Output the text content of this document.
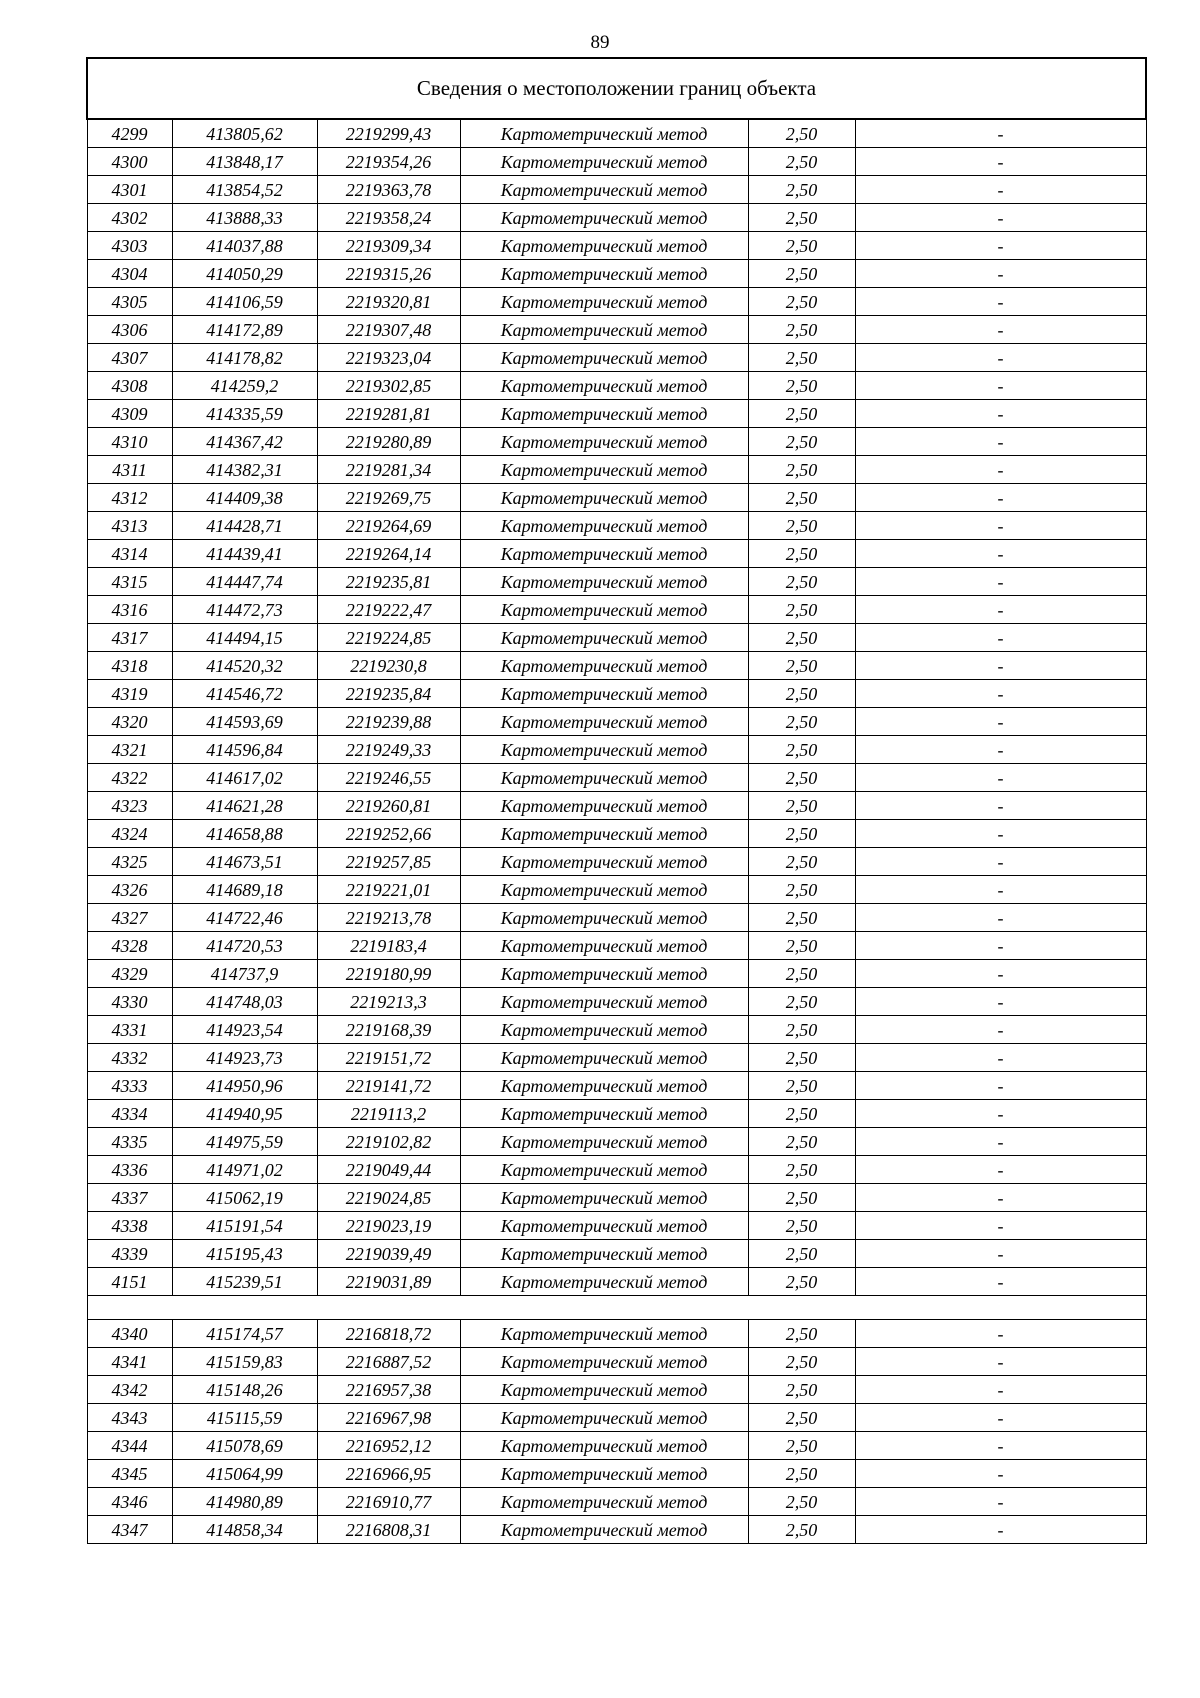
89
Сведения о местоположении границ объекта					
4299	413805,62	2219299,43	Картометрический метод	2,50	-
4300	413848,17	2219354,26	Картометрический метод	2,50	-
4301	413854,52	2219363,78	Картометрический метод	2,50	-
4302	413888,33	2219358,24	Картометрический метод	2,50	-
4303	414037,88	2219309,34	Картометрический метод	2,50	-
4304	414050,29	2219315,26	Картометрический метод	2,50	-
4305	414106,59	2219320,81	Картометрический метод	2,50	-
4306	414172,89	2219307,48	Картометрический метод	2,50	-
4307	414178,82	2219323,04	Картометрический метод	2,50	-
4308	414259,2	2219302,85	Картометрический метод	2,50	-
4309	414335,59	2219281,81	Картометрический метод	2,50	-
4310	414367,42	2219280,89	Картометрический метод	2,50	-
4311	414382,31	2219281,34	Картометрический метод	2,50	-
4312	414409,38	2219269,75	Картометрический метод	2,50	-
4313	414428,71	2219264,69	Картометрический метод	2,50	-
4314	414439,41	2219264,14	Картометрический метод	2,50	-
4315	414447,74	2219235,81	Картометрический метод	2,50	-
4316	414472,73	2219222,47	Картометрический метод	2,50	-
4317	414494,15	2219224,85	Картометрический метод	2,50	-
4318	414520,32	2219230,8	Картометрический метод	2,50	-
4319	414546,72	2219235,84	Картометрический метод	2,50	-
4320	414593,69	2219239,88	Картометрический метод	2,50	-
4321	414596,84	2219249,33	Картометрический метод	2,50	-
4322	414617,02	2219246,55	Картометрический метод	2,50	-
4323	414621,28	2219260,81	Картометрический метод	2,50	-
4324	414658,88	2219252,66	Картометрический метод	2,50	-
4325	414673,51	2219257,85	Картометрический метод	2,50	-
4326	414689,18	2219221,01	Картометрический метод	2,50	-
4327	414722,46	2219213,78	Картометрический метод	2,50	-
4328	414720,53	2219183,4	Картометрический метод	2,50	-
4329	414737,9	2219180,99	Картометрический метод	2,50	-
4330	414748,03	2219213,3	Картометрический метод	2,50	-
4331	414923,54	2219168,39	Картометрический метод	2,50	-
4332	414923,73	2219151,72	Картометрический метод	2,50	-
4333	414950,96	2219141,72	Картометрический метод	2,50	-
4334	414940,95	2219113,2	Картометрический метод	2,50	-
4335	414975,59	2219102,82	Картометрический метод	2,50	-
4336	414971,02	2219049,44	Картометрический метод	2,50	-
4337	415062,19	2219024,85	Картометрический метод	2,50	-
4338	415191,54	2219023,19	Картометрический метод	2,50	-
4339	415195,43	2219039,49	Картометрический метод	2,50	-
4151	415239,51	2219031,89	Картометрический метод	2,50	-

4340	415174,57	2216818,72	Картометрический метод	2,50	-
4341	415159,83	2216887,52	Картометрический метод	2,50	-
4342	415148,26	2216957,38	Картометрический метод	2,50	-
4343	415115,59	2216967,98	Картометрический метод	2,50	-
4344	415078,69	2216952,12	Картометрический метод	2,50	-
4345	415064,99	2216966,95	Картометрический метод	2,50	-
4346	414980,89	2216910,77	Картометрический метод	2,50	-
4347	414858,34	2216808,31	Картометрический метод	2,50	-
